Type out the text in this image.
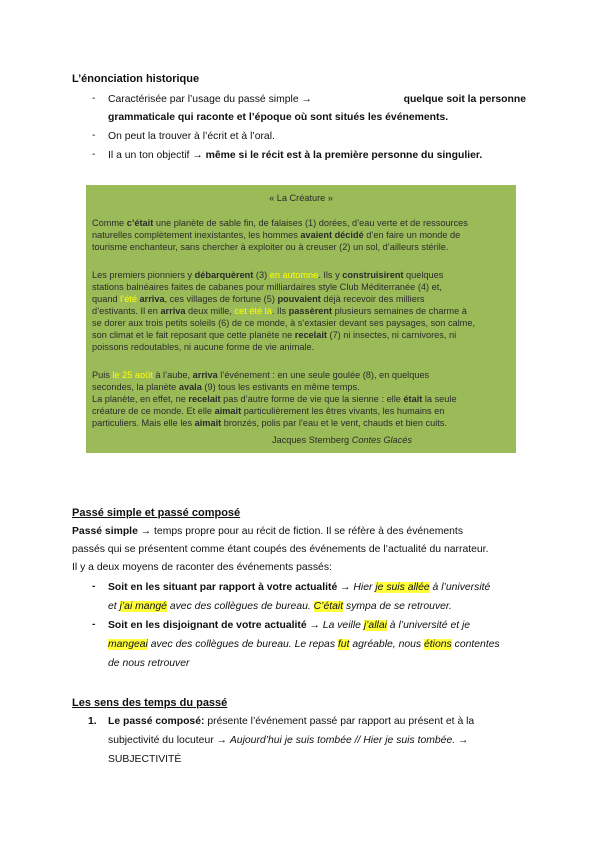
L’énonciation historique
- Caractérisée par l’usage du passé simple →	quelque soit la personne
grammaticale qui raconte et l’époque où sont situés les événements.
- On peut la trouver à l’écrit et à l’oral.
- Il a un ton objectif → même si le récit est à la première personne du singulier.
« La Créature »
Comme c’était une planète de sable fin, de falaises (1) dorées, d’eau verte et de ressources
naturelles complètement inexistantes, les hommes avaient décidé d’en faire un monde de
tourisme enchanteur, sans chercher à exploiter ou à creuser (2) un sol, d’ailleurs stérile.
Les premiers pionniers y débarquèrent (3) en automne. Ils y construisirent quelques
stations balnéaires faites de cabanes pour milliardaires style Club Méditerranée (4) et,
quand l’été arriva, ces villages de fortune (5) pouvaient déjà recevoir des milliers
d’estivants. Il en arriva deux mille, cet été là. Ils passèrent plusieurs semaines de charme à
se dorer aux trois petits soleils (6) de ce monde, à s’extasier devant ses paysages, son calme,
son climat et le fait reposant que cette planète ne recelait (7) ni insectes, ni carnivores, ni
poissons redoutables, ni aucune forme de vie animale.
Puis le 25 août à l’aube, arriva l’événement : en une seule goulée (8), en quelques
secondes, la planète avala (9) tous les estivants en même temps.
La planète, en effet, ne recelait pas d’autre forme de vie que la sienne : elle était la seule
créature de ce monde. Et elle aimait particulièrement les êtres vivants, les humains en
particuliers. Mais elle les aimait bronzés, polis par l’eau et le vent, chauds et bien cuits.
Jacques Sternberg Contes Glacés
Passé simple et passé composé
Passé simple → temps propre pour au récit de fiction. Il se réfère à des événements
passés qui se présentent comme étant coupés des événements de l’actualité du narrateur.
Il y a deux moyens de raconter des événements passés:
- Soit en les situant par rapport à votre actualité → Hier je suis allée à l’université
et j’ai mangé avec des collègues de bureau. C’était sympa de se retrouver.
- Soit en les disjoignant de votre actualité → La veille j’allai à l’université et je
mangeai avec des collègues de bureau. Le repas fut agréable, nous étions contentes
de nous retrouver
Les sens des temps du passé
1. Le passé composé: présente l’événement passé par rapport au présent et à la
subjectivité du locuteur → Aujourd’hui je suis tombée // Hier je suis tombée. →
SUBJECTIVITÉ
